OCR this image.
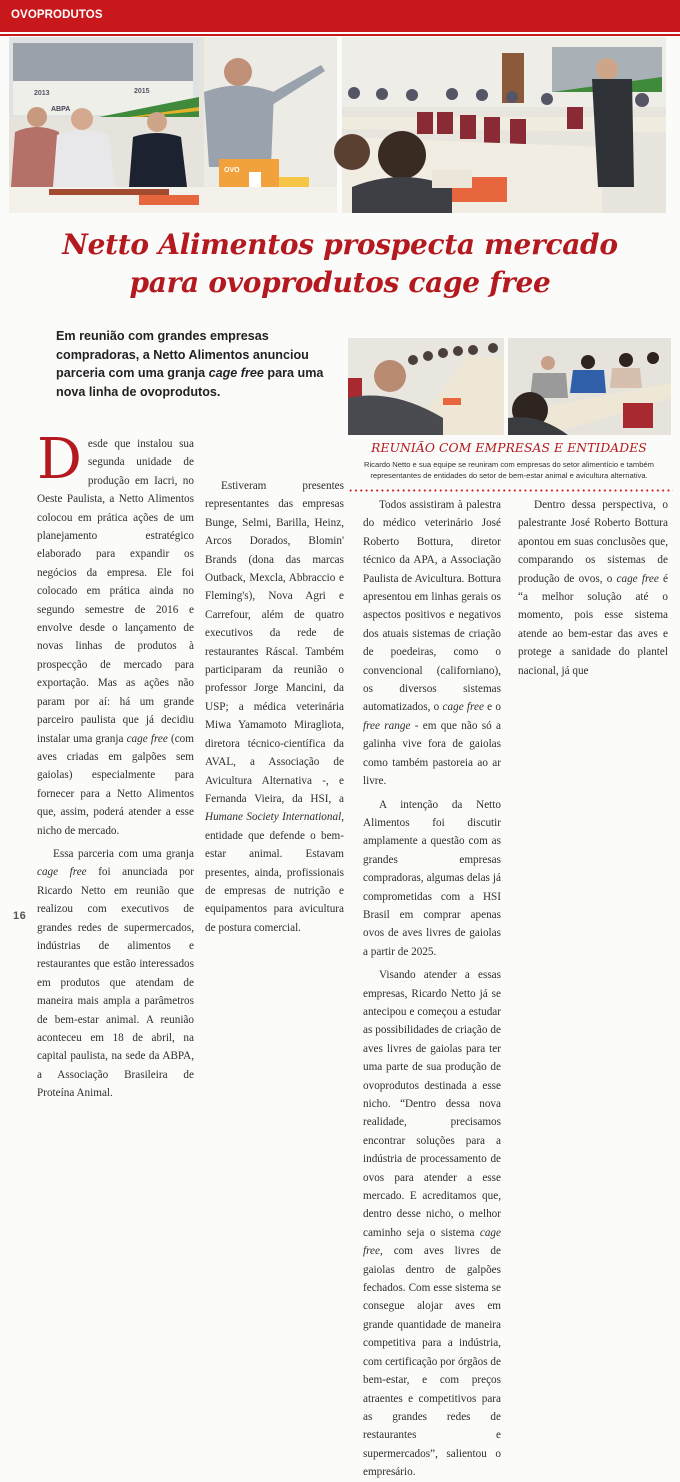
OVOPRODUTOS
2013	2015
ABPA
OVO
Netto Alimentos prospecta mercado
para ovoprodutos cage free
Em reunião com grandes empresas compradoras, a Netto Alimentos anunciou parceria com uma granja cage free para uma nova linha de ovoprodutos.
REUNIÃO COM EMPRESAS E ENTIDADES
Ricardo Netto e sua equipe se reuniram com empresas do setor alimentício e também representantes de entidades do setor de bem-estar animal e avicultura alternativa.

Desde que instalou sua segunda unidade de produção em Iacri, no Oeste Paulista, a Netto Alimentos colocou em prática ações de um planejamento estratégico elaborado para expandir os negócios da empresa. Ele foi colocado em prática ainda no segundo semestre de 2016 e envolve desde o lançamento de novas linhas de produtos à prospecção de mercado para exportação. Mas as ações não param por aí: há um grande parceiro paulista que já decidiu instalar uma granja cage free (com aves criadas em galpões sem gaiolas) especialmente para fornecer para a Netto Alimentos que, assim, poderá atender a esse nicho de mercado.

Essa parceria com uma granja cage free foi anunciada por Ricardo Netto em reunião que realizou com executivos de grandes redes de supermercados, indústrias de alimentos e restaurantes que estão interessados em produtos que atendam de maneira mais ampla a parâmetros de bem-estar animal. A reunião aconteceu em 18 de abril, na capital paulista, na sede da ABPA, a Associação Brasileira de Proteína Animal.

Estiveram presentes representantes das empresas Bunge, Selmi, Barilla, Heinz, Arcos Dorados, Blomin' Brands (dona das marcas Outback, Mexcla, Abbraccio e Fleming's), Nova Agri e Carrefour, além de quatro executivos da rede de restaurantes Ráscal. Também participaram da reunião o professor Jorge Mancini, da USP; a médica veterinária Miwa Yamamoto Miragliota, diretora técnico-científica da AVAL, a Associação de Avicultura Alternativa -, e Fernanda Vieira, da HSI, a Humane Society International, entidade que defende o bem-estar animal. Estavam presentes, ainda, profissionais de empresas de nutrição e equipamentos para avicultura de postura comercial.

Todos assistiram à palestra do médico veterinário José Roberto Bottura, diretor técnico da APA, a Associação Paulista de Avicultura. Bottura apresentou em linhas gerais os aspectos positivos e negativos dos atuais sistemas de criação de poedeiras, como o convencional (californiano), os diversos sistemas automatizados, o cage free e o free range - em que não só a galinha vive fora de gaiolas como também pastoreia ao ar livre.

A intenção da Netto Alimentos foi discutir amplamente a questão com as grandes empresas compradoras, algumas delas já comprometidas com a HSI Brasil em comprar apenas ovos de aves livres de gaiolas a partir de 2025.

Visando atender a essas empresas, Ricardo Netto já se antecipou e começou a estudar as possibilidades de criação de aves livres de gaiolas para ter uma parte de sua produção de ovoprodutos destinada a esse nicho. “Dentro dessa nova realidade, precisamos encontrar soluções para a indústria de processamento de ovos para atender a esse mercado. E acreditamos que, dentro desse nicho, o melhor caminho seja o sistema cage free, com aves livres de gaiolas dentro de galpões fechados. Com esse sistema se consegue alojar aves em grande quantidade de maneira competitiva para a indústria, com certificação por órgãos de bem-estar, e com preços atraentes e competitivos para as grandes redes de restaurantes e supermercados”, salientou o empresário.

Dentro dessa perspectiva, o palestrante José Roberto Bottura apontou em suas conclusões que, comparando os sistemas de produção de ovos, o cage free é “a melhor solução até o momento, pois esse sistema atende ao bem-estar das aves e protege a sanidade do plantel nacional, já que

16
